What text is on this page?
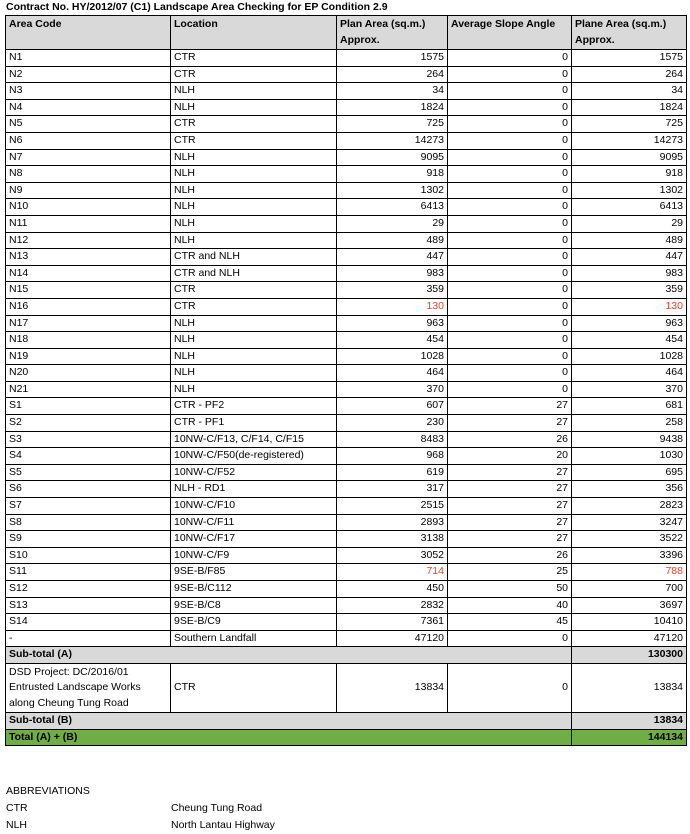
Contract No. HY/2012/07 (C1) Landscape Area Checking for EP Condition 2.9
Area Code	Location	Plan Area (sq.m.) Approx.	Average Slope Angle	Plane Area (sq.m.) Approx.
N1	CTR	1575	0	1575
N2	CTR	264	0	264
N3	NLH	34	0	34
N4	NLH	1824	0	1824
N5	CTR	725	0	725
N6	CTR	14273	0	14273
N7	NLH	9095	0	9095
N8	NLH	918	0	918
N9	NLH	1302	0	1302
N10	NLH	6413	0	6413
N11	NLH	29	0	29
N12	NLH	489	0	489
N13	CTR and NLH	447	0	447
N14	CTR and NLH	983	0	983
N15	CTR	359	0	359
N16	CTR	130	0	130
N17	NLH	963	0	963
N18	NLH	454	0	454
N19	NLH	1028	0	1028
N20	NLH	464	0	464
N21	NLH	370	0	370
S1	CTR - PF2	607	27	681
S2	CTR - PF1	230	27	258
S3	10NW-C/F13, C/F14, C/F15	8483	26	9438
S4	10NW-C/F50(de-registered)	968	20	1030
S5	10NW-C/F52	619	27	695
S6	NLH - RD1	317	27	356
S7	10NW-C/F10	2515	27	2823
S8	10NW-C/F11	2893	27	3247
S9	10NW-C/F17	3138	27	3522
S10	10NW-C/F9	3052	26	3396
S11	9SE-B/F85	714	25	788
S12	9SE-B/C112	450	50	700
S13	9SE-B/C8	2832	40	3697
S14	9SE-B/C9	7361	45	10410
-	Southern Landfall	47120	0	47120
Sub-total (A)				130300
DSD Project: DC/2016/01 Entrusted Landscape Works along Cheung Tung Road	CTR	13834	0	13834
Sub-total (B)				13834
Total (A) + (B)				144134
ABBREVIATIONS
CTR	Cheung Tung Road
NLH	North Lantau Highway
